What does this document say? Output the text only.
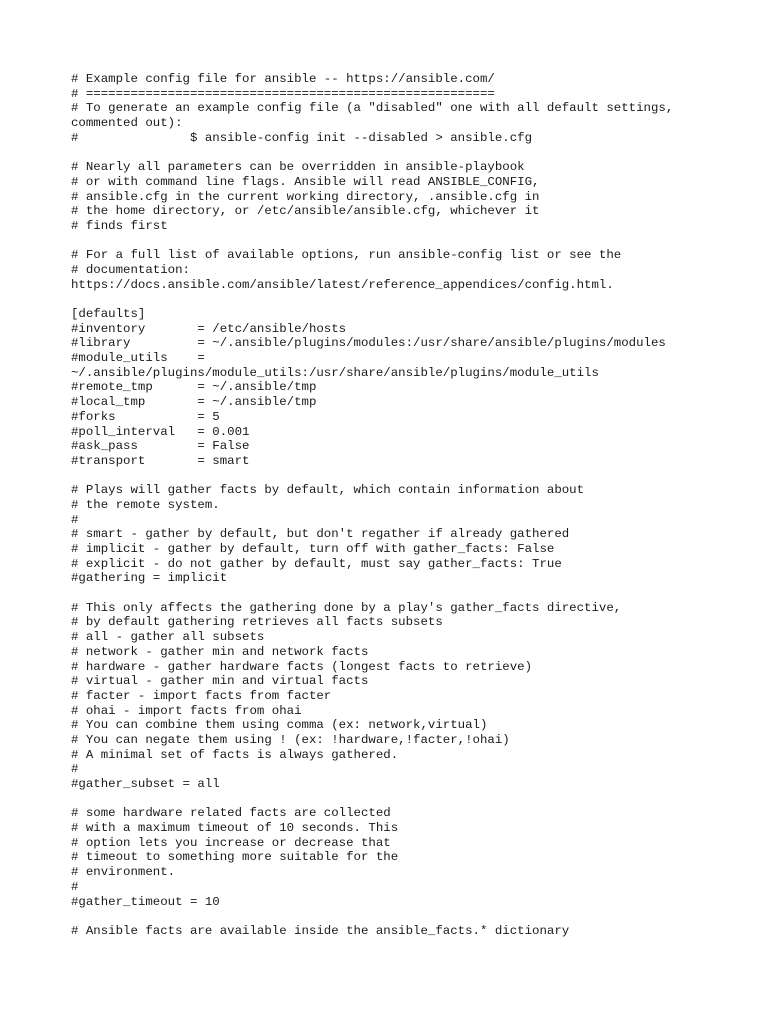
# Example config file for ansible -- https://ansible.com/
# =======================================================
# To generate an example config file (a "disabled" one with all default settings,
commented out):
#               $ ansible-config init --disabled > ansible.cfg
# Nearly all parameters can be overridden in ansible-playbook
# or with command line flags. Ansible will read ANSIBLE_CONFIG,
# ansible.cfg in the current working directory, .ansible.cfg in
# the home directory, or /etc/ansible/ansible.cfg, whichever it
# finds first
# For a full list of available options, run ansible-config list or see the
# documentation:
https://docs.ansible.com/ansible/latest/reference_appendices/config.html.
[defaults]
#inventory       = /etc/ansible/hosts
#library         = ~/.ansible/plugins/modules:/usr/share/ansible/plugins/modules
#module_utils    =
~/.ansible/plugins/module_utils:/usr/share/ansible/plugins/module_utils
#remote_tmp      = ~/.ansible/tmp
#local_tmp       = ~/.ansible/tmp
#forks           = 5
#poll_interval   = 0.001
#ask_pass        = False
#transport       = smart
# Plays will gather facts by default, which contain information about
# the remote system.
#
# smart - gather by default, but don't regather if already gathered
# implicit - gather by default, turn off with gather_facts: False
# explicit - do not gather by default, must say gather_facts: True
#gathering = implicit
# This only affects the gathering done by a play's gather_facts directive,
# by default gathering retrieves all facts subsets
# all - gather all subsets
# network - gather min and network facts
# hardware - gather hardware facts (longest facts to retrieve)
# virtual - gather min and virtual facts
# facter - import facts from facter
# ohai - import facts from ohai
# You can combine them using comma (ex: network,virtual)
# You can negate them using ! (ex: !hardware,!facter,!ohai)
# A minimal set of facts is always gathered.
#
#gather_subset = all
# some hardware related facts are collected
# with a maximum timeout of 10 seconds. This
# option lets you increase or decrease that
# timeout to something more suitable for the
# environment.
#
#gather_timeout = 10
# Ansible facts are available inside the ansible_facts.* dictionary
